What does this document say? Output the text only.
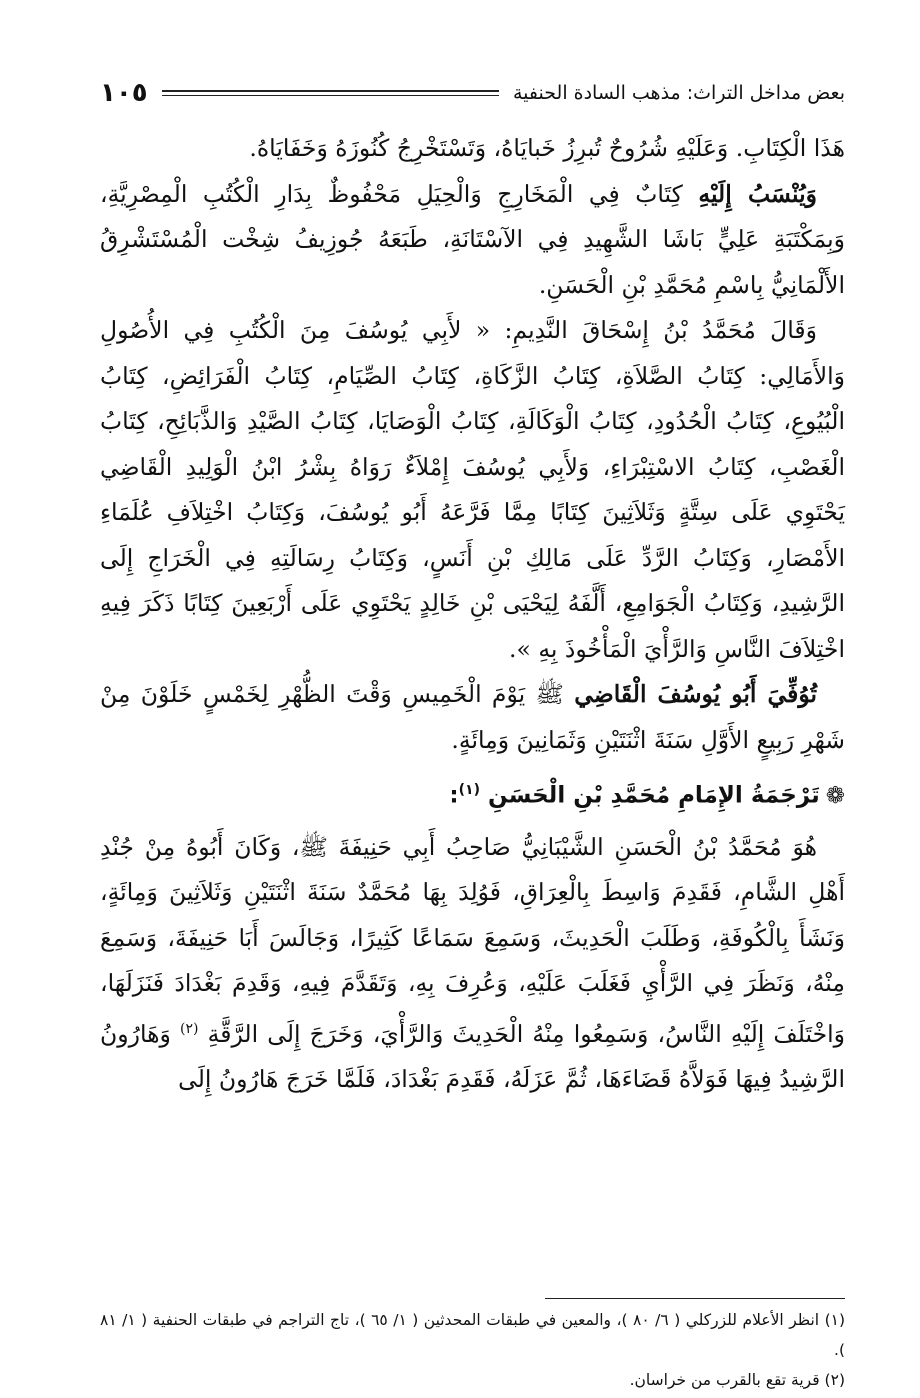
بعض مداخل التراث: مذهب السادة الحنفية
١٠٥

هَذَا الْكِتَابِ. وَعَلَيْهِ شُرُوحٌ تُبرِزُ خَبايَاهُ، وَتَسْتَخْرِجُ كُنُوزَهُ وَخَفَايَاهُ.

وَيُنْسَبُ إِلَيْهِ كِتَابٌ فِي الْمَخَارِجِ وَالْحِيَلِ مَحْفُوظٌ بِدَارِ الْكُتُبِ الْمِصْرِيَّةِ، وَبِمَكْتَبَةِ عَلِيٍّ بَاشَا الشَّهِيدِ فِي الآسْتَانَةِ، طَبَعَهُ جُوزِيفُ شِخْت الْمُسْتَشْرِقُ الأَلْمَانِيُّ بِاسْمِ مُحَمَّدِ بْنِ الْحَسَنِ.

وَقَالَ مُحَمَّدُ بْنُ إِسْحَاقَ النَّدِيمِ: « لأَبِي يُوسُفَ مِنَ الْكُتُبِ فِي الأُصُولِ وَالأَمَالِي: كِتَابُ الصَّلاَةِ، كِتَابُ الزَّكَاةِ، كِتَابُ الصِّيَامِ، كِتَابُ الْفَرَائِضِ، كِتَابُ الْبُيُوعِ، كِتَابُ الْحُدُودِ، كِتَابُ الْوَكَالَةِ، كِتَابُ الْوَصَايَا، كِتَابُ الصَّيْدِ وَالذَّبَائِحِ، كِتَابُ الْغَصْبِ، كِتَابُ الاسْتِبْرَاءِ، وَلأَبِي يُوسُفَ إِمْلاَءٌ رَوَاهُ بِشْرُ ابْنُ الْوَلِيدِ الْقَاضِي يَحْتَوِي عَلَى سِتَّةٍ وَثَلاَثِينَ كِتَابًا مِمَّا فَرَّعَهُ أَبُو يُوسُفَ، وَكِتَابُ اخْتِلاَفِ عُلَمَاءِ الأَمْصَارِ، وَكِتَابُ الرَّدِّ عَلَى مَالِكِ بْنِ أَنَسٍ، وَكِتَابُ رِسَالَتِهِ فِي الْخَرَاجِ إِلَى الرَّشِيدِ، وَكِتَابُ الْجَوَامِعِ، أَلَّفَهُ لِيَحْيَى بْنِ خَالِدٍ يَحْتَوِي عَلَى أَرْبَعِينَ كِتَابًا ذَكَرَ فِيهِ اخْتِلاَفَ النَّاسِ وَالرَّأْيَ الْمَأْخُوذَ بِهِ ».

تُوُفِّيَ أَبُو يُوسُفَ الْقَاضِي ﷺ يَوْمَ الْخَمِيسِ وَقْتَ الظُّهْرِ لِخَمْسٍ خَلَوْنَ مِنْ شَهْرِ رَبِيعٍ الأَوَّلِ سَنَةَ اثْنَتَيْنِ وَثَمَانِينَ وَمِائَةٍ.

❁تَرْجَمَةُ الإِمَامِ مُحَمَّدِ بْنِ الْحَسَنِ $^{(١)}$:

هُوَ مُحَمَّدُ بْنُ الْحَسَنِ الشَّيْبَانِيُّ صَاحِبُ أَبِي حَنِيفَةَ ﷺ، وَكَانَ أَبُوهُ مِنْ جُنْدِ أَهْلِ الشَّامِ، فَقَدِمَ وَاسِطَ بِالْعِرَاقِ، فَوُلِدَ بِهَا مُحَمَّدٌ سَنَةَ اثْنَتَيْنِ وَثَلاَثِينَ وَمِائَةٍ، وَنَشَأَ بِالْكُوفَةِ، وَطَلَبَ الْحَدِيثَ، وَسَمِعَ سَمَاعًا كَثِيرًا، وَجَالَسَ أَبَا حَنِيفَةَ، وَسَمِعَ مِنْهُ، وَنَظَرَ فِي الرَّأْيِ فَغَلَبَ عَلَيْهِ، وَعُرِفَ بِهِ، وَتَقَدَّمَ فِيهِ، وَقَدِمَ بَغْدَادَ فَنَزَلَهَا، وَاخْتَلَفَ إِلَيْهِ النَّاسُ، وَسَمِعُوا مِنْهُ الْحَدِيثَ وَالرَّأْيَ، وَخَرَجَ إِلَى الرَّقَّةِ $^{(٢)}$ وَهَارُونُ الرَّشِيدُ فِيهَا فَوَلاَّهُ قَضَاءَهَا، ثُمَّ عَزَلَهُ، فَقَدِمَ بَغْدَادَ، فَلَمَّا خَرَجَ هَارُونُ إِلَى

(١) انظر الأعلام للزركلي ( ٦/ ٨٠ )، والمعين في طبقات المحدثين ( ١/ ٦٥ )، تاج التراجم في طبقات الحنفية ( ١/ ٨١ ).

(٢) قرية تقع بالقرب من خراسان.
